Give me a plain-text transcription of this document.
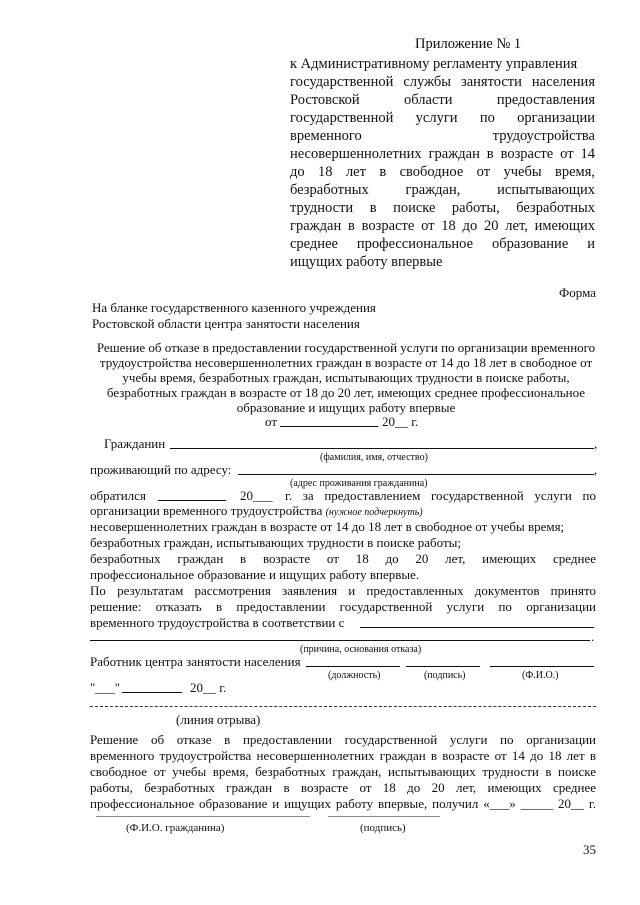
Приложение № 1
к Административному регламенту управления
государственной службы занятости населения
Ростовской области предоставления
государственной услуги по организации
временного трудоустройства
несовершеннолетних граждан в возрасте от 14
до 18 лет в свободное от учебы время,
безработных граждан, испытывающих
трудности в поиске работы, безработных
граждан в возрасте от 18 до 20 лет, имеющих
среднее профессиональное образование и
ищущих работу впервые
Форма
На бланке государственного казенного учреждения
Ростовской области центра занятости населения
Решение об отказе в предоставлении государственной услуги по организации временного
трудоустройства несовершеннолетних граждан в возрасте от 14 до 18 лет в свободное от
учебы время, безработных граждан, испытывающих трудности в поиске работы,
безработных граждан в возрасте от 18 до 20 лет, имеющих среднее профессиональное
образование и ищущих работу впервые
от	20__ г.
Гражданин	,
(фамилия, имя, отчество)
проживающий по адресу:	,
(адрес проживания гражданина)
обратился	20___ г. за предоставлением государственной услуги по
организации временного трудоустройства (нужное подчеркнуть)
несовершеннолетних граждан в возрасте от 14 до 18 лет в свободное от учебы время;
безработных граждан, испытывающих трудности в поиске работы;
безработных граждан в возрасте от 18 до 20 лет, имеющих среднее
профессиональное образование и ищущих работу впервые.
По результатам рассмотрения заявления и предоставленных документов принято
решение: отказать в предоставлении государственной услуги по организации
временного трудоустройства в соответствии с
.
(причина, основания отказа)
Работник центра занятости населения
(должность)	(подпись)	(Ф.И.О.)
"___"	20__ г.
(линия отрыва)
Решение об отказе в предоставлении государственной услуги по организации
временного трудоустройства несовершеннолетних граждан в возрасте от 14 до 18 лет в
свободное от учебы время, безработных граждан, испытывающих трудности в поиске
работы, безработных граждан в возрасте от 18 до 20 лет, имеющих среднее
профессиональное образование и ищущих работу впервые, получил «___» _____ 20__ г.
(Ф.И.О. гражданина)	(подпись)
35
